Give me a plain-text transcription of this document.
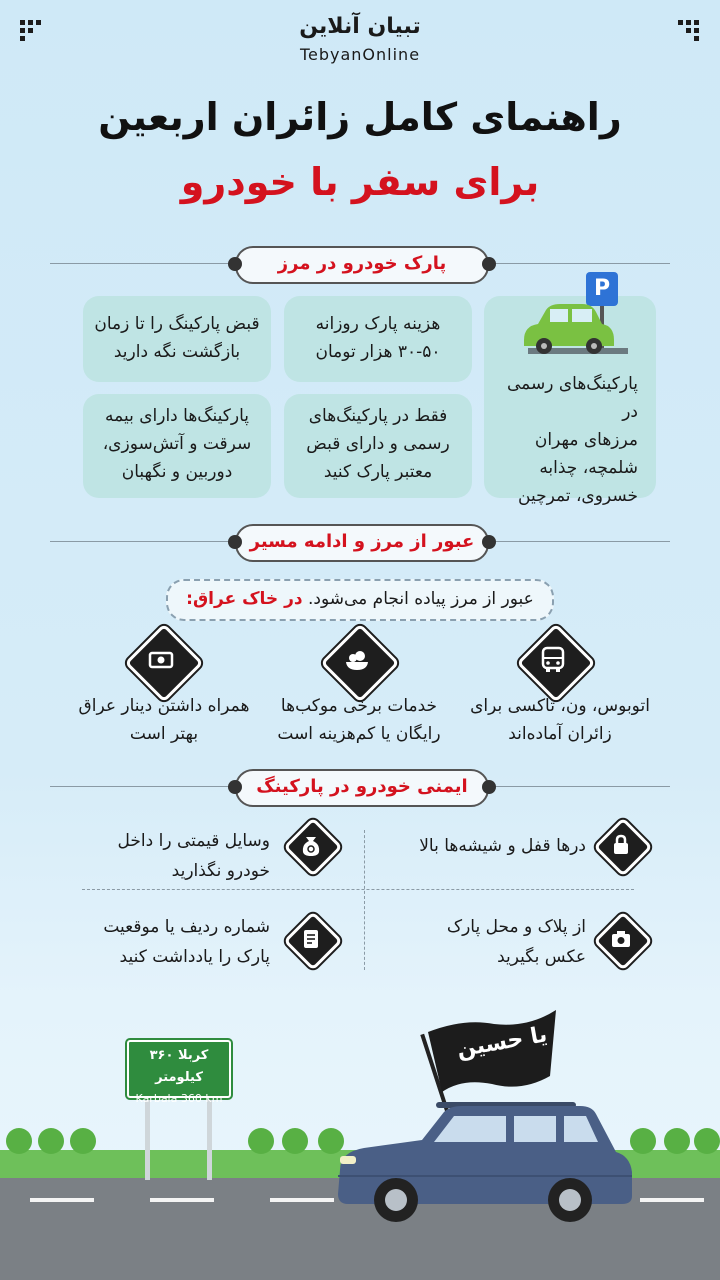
تبیان آنلاین
TebyanOnline
راهنمای کامل زائران اربعین
برای سفر با خودرو
پارک خودرو در مرز
پارکینگ‌های رسمی در
مرزهای مهران
شلمچه، چذابه
خسروی، تمرچین
P
هزینه پارک روزانه
۳۰-۵۰ هزار تومان
قبض پارکینگ را تا زمان
بازگشت نگه دارید
فقط در پارکینگ‌های
رسمی و دارای قبض
معتبر پارک کنید
پارکینگ‌ها دارای بیمه
سرقت و آتش‌سوزی،
دوربین و نگهبان
عبور از مرز و ادامه مسیر
عبور از مرز پیاده انجام می‌شود. در خاک عراق:
اتوبوس، ون، تاکسی برای
زائران آماده‌اند
خدمات برخی موکب‌ها
رایگان یا کم‌هزینه است
همراه داشتن دینار عراق
بهتر است
ایمنی خودرو در پارکینگ
درها قفل و شیشه‌ها بالا
وسایل قیمتی را داخل
خودرو نگذارید
از پلاک و محل پارک
عکس بگیرید
شماره ردیف یا موقعیت
پارک را یادداشت کنید
کربلا ۳۶۰ کیلومتر
Karbala 360 km
یا حسین
